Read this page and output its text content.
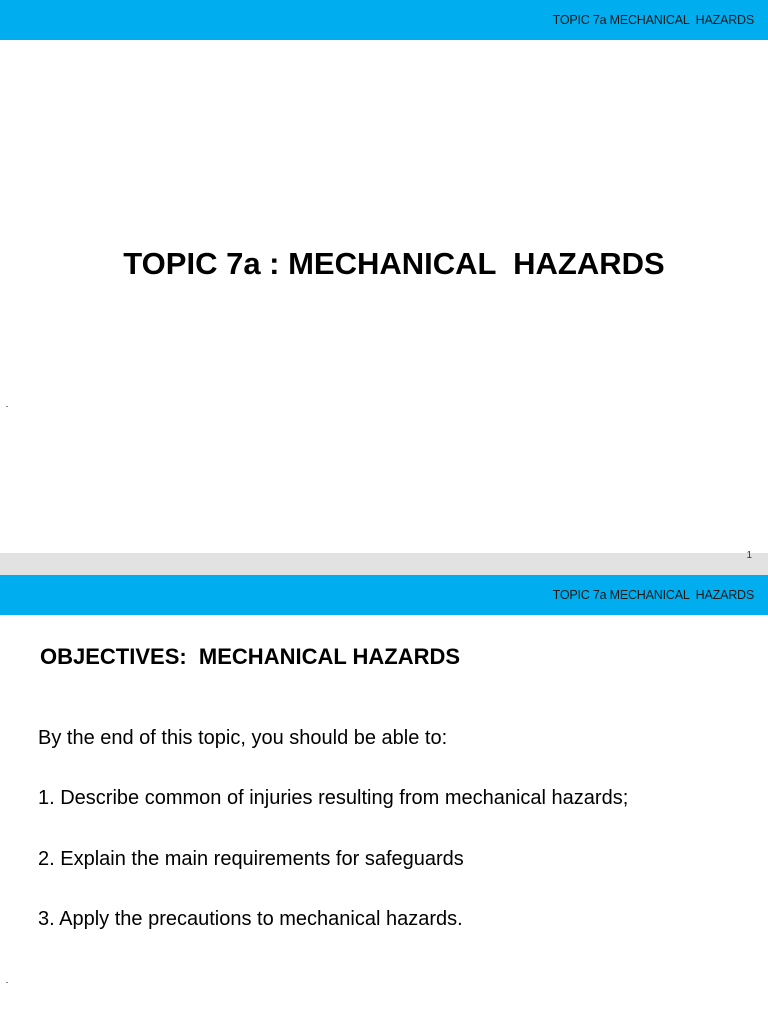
TOPIC 7a MECHANICAL  HAZARDS
TOPIC 7a : MECHANICAL  HAZARDS
1
TOPIC 7a MECHANICAL  HAZARDS
OBJECTIVES:  MECHANICAL HAZARDS
By the end of this topic, you should be able to:
1. Describe common of injuries resulting from mechanical hazards;
2. Explain the main requirements for safeguards
3. Apply the precautions to mechanical hazards.
